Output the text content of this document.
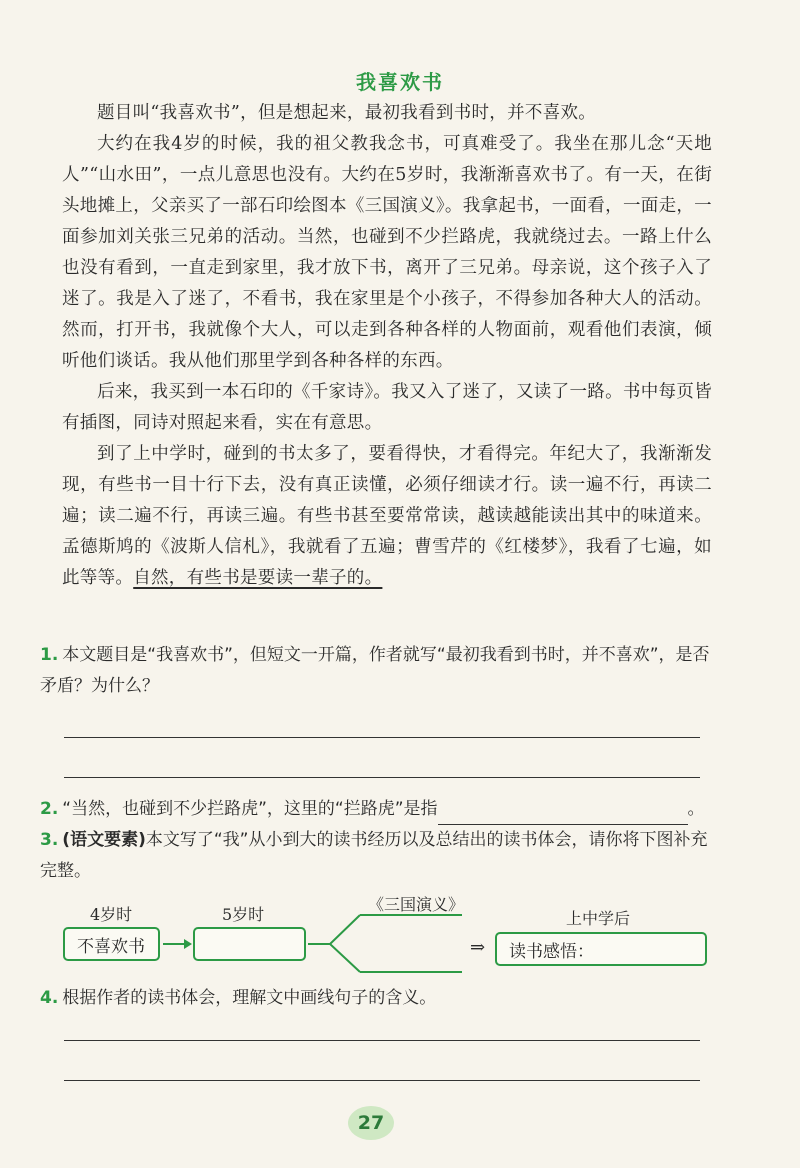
我喜欢书

题目叫“我喜欢书”，但是想起来，最初我看到书时，并不喜欢。

大约在我4岁的时候，我的祖父教我念书，可真难受了。我坐在那儿念“天地人”“山水田”，一点儿意思也没有。大约在5岁时，我渐渐喜欢书了。有一天，在街头地摊上，父亲买了一部石印绘图本《三国演义》。我拿起书，一面看，一面走，一面参加刘关张三兄弟的活动。当然，也碰到不少拦路虎，我就绕过去。一路上什么也没有看到，一直走到家里，我才放下书，离开了三兄弟。母亲说，这个孩子入了迷了。我是入了迷了，不看书，我在家里是个小孩子，不得参加各种大人的活动。然而，打开书，我就像个大人，可以走到各种各样的人物面前，观看他们表演，倾听他们谈话。我从他们那里学到各种各样的东西。

后来，我买到一本石印的《千家诗》。我又入了迷了，又读了一路。书中每页皆有插图，同诗对照起来看，实在有意思。

到了上中学时，碰到的书太多了，要看得快，才看得完。年纪大了，我渐渐发现，有些书一目十行下去，没有真正读懂，必须仔细读才行。读一遍不行，再读二遍；读二遍不行，再读三遍。有些书甚至要常常读，越读越能读出其中的味道来。孟德斯鸠的《波斯人信札》，我就看了五遍；曹雪芹的《红楼梦》，我看了七遍，如此等等。自然，有些书是要读一辈子的。

1. 本文题目是“我喜欢书”，但短文一开篇，作者就写“最初我看到书时，并不喜欢”，是否矛盾？为什么？
2. “当然，也碰到不少拦路虎”，这里的“拦路虎”是指	。
3. (语文要素)本文写了“我”从小到大的读书经历以及总结出的读书体会，请你将下图补充完整。
4岁时	5岁时
《三国演义》
上中学后
不喜欢书	读书感悟：
⇒
4. 根据作者的读书体会，理解文中画线句子的含义。
27
